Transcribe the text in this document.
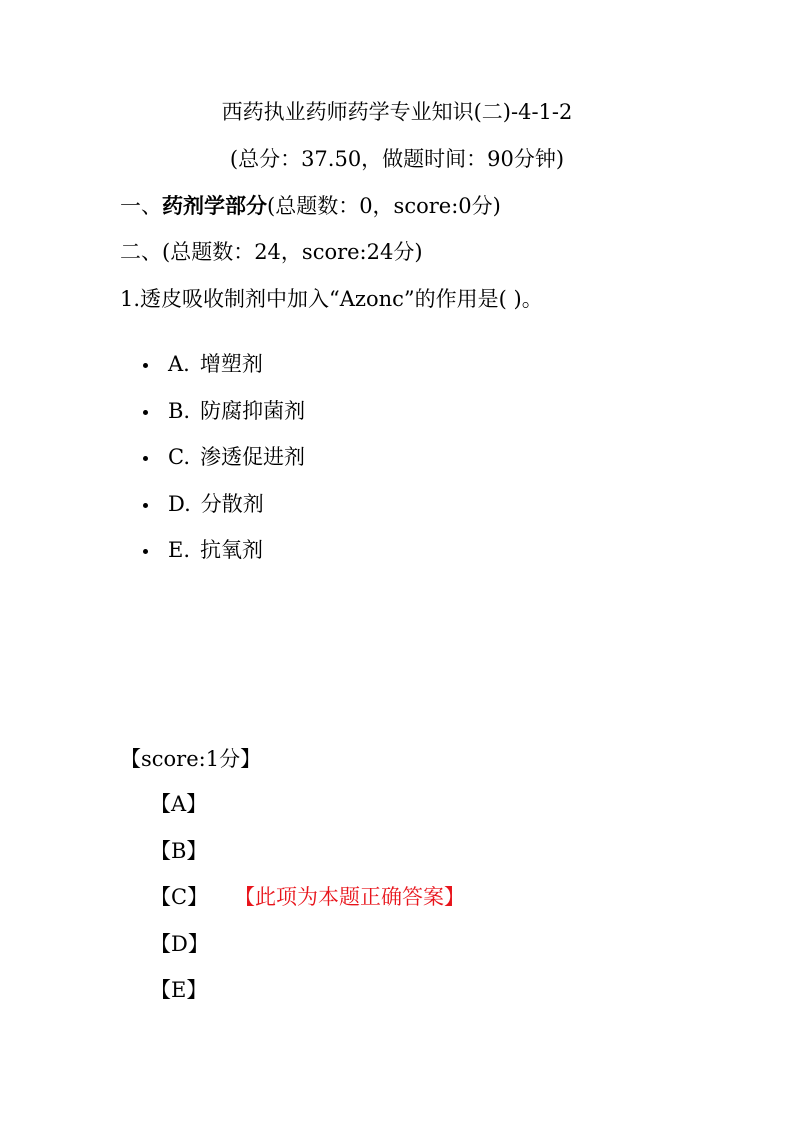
西药执业药师药学专业知识(二)-4-1-2
(总分：37.50，做题时间：90分钟)
一、药剂学部分(总题数：0，score:0分)
二、(总题数：24，score:24分)
1.透皮吸收制剂中加入“Azonc”的作用是( )。
A. 增塑剂
B. 防腐抑菌剂
C. 渗透促进剂
D. 分散剂
E. 抗氧剂
【score:1分】
【A】
【B】
【C】 【此项为本题正确答案】
【D】
【E】
